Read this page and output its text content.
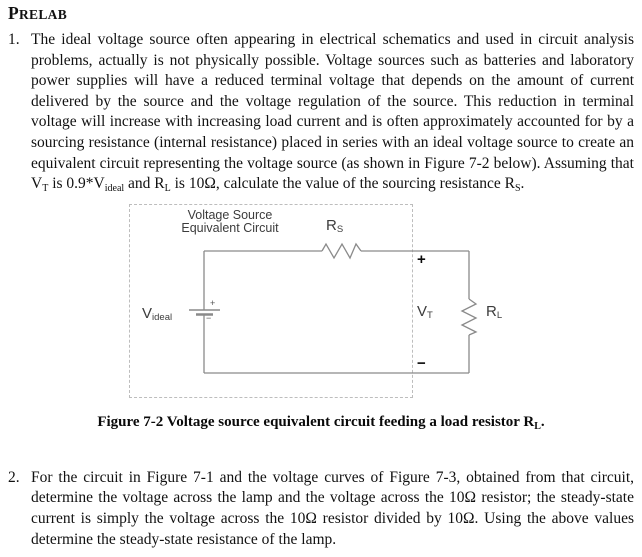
PRELAB
1. The ideal voltage source often appearing in electrical schematics and used in circuit analysis problems, actually is not physically possible. Voltage sources such as batteries and laboratory power supplies will have a reduced terminal voltage that depends on the amount of current delivered by the source and the voltage regulation of the source. This reduction in terminal voltage will increase with increasing load current and is often approximately accounted for by a sourcing resistance (internal resistance) placed in series with an ideal voltage source to create an equivalent circuit representing the voltage source (as shown in Figure 7-2 below). Assuming that VT is 0.9*Videal and RL is 10Ω, calculate the value of the sourcing resistance RS.
Voltage Source
Equivalent Circuit	RS
Videal	VT	RL
+
−
+
−
Figure 7-2 Voltage source equivalent circuit feeding a load resistor $R_L$.
2. For the circuit in Figure 7-1 and the voltage curves of Figure 7-3, obtained from that circuit, determine the voltage across the lamp and the voltage across the 10Ω resistor; the steady-state current is simply the voltage across the 10Ω resistor divided by 10Ω. Using the above values determine the steady-state resistance of the lamp.
